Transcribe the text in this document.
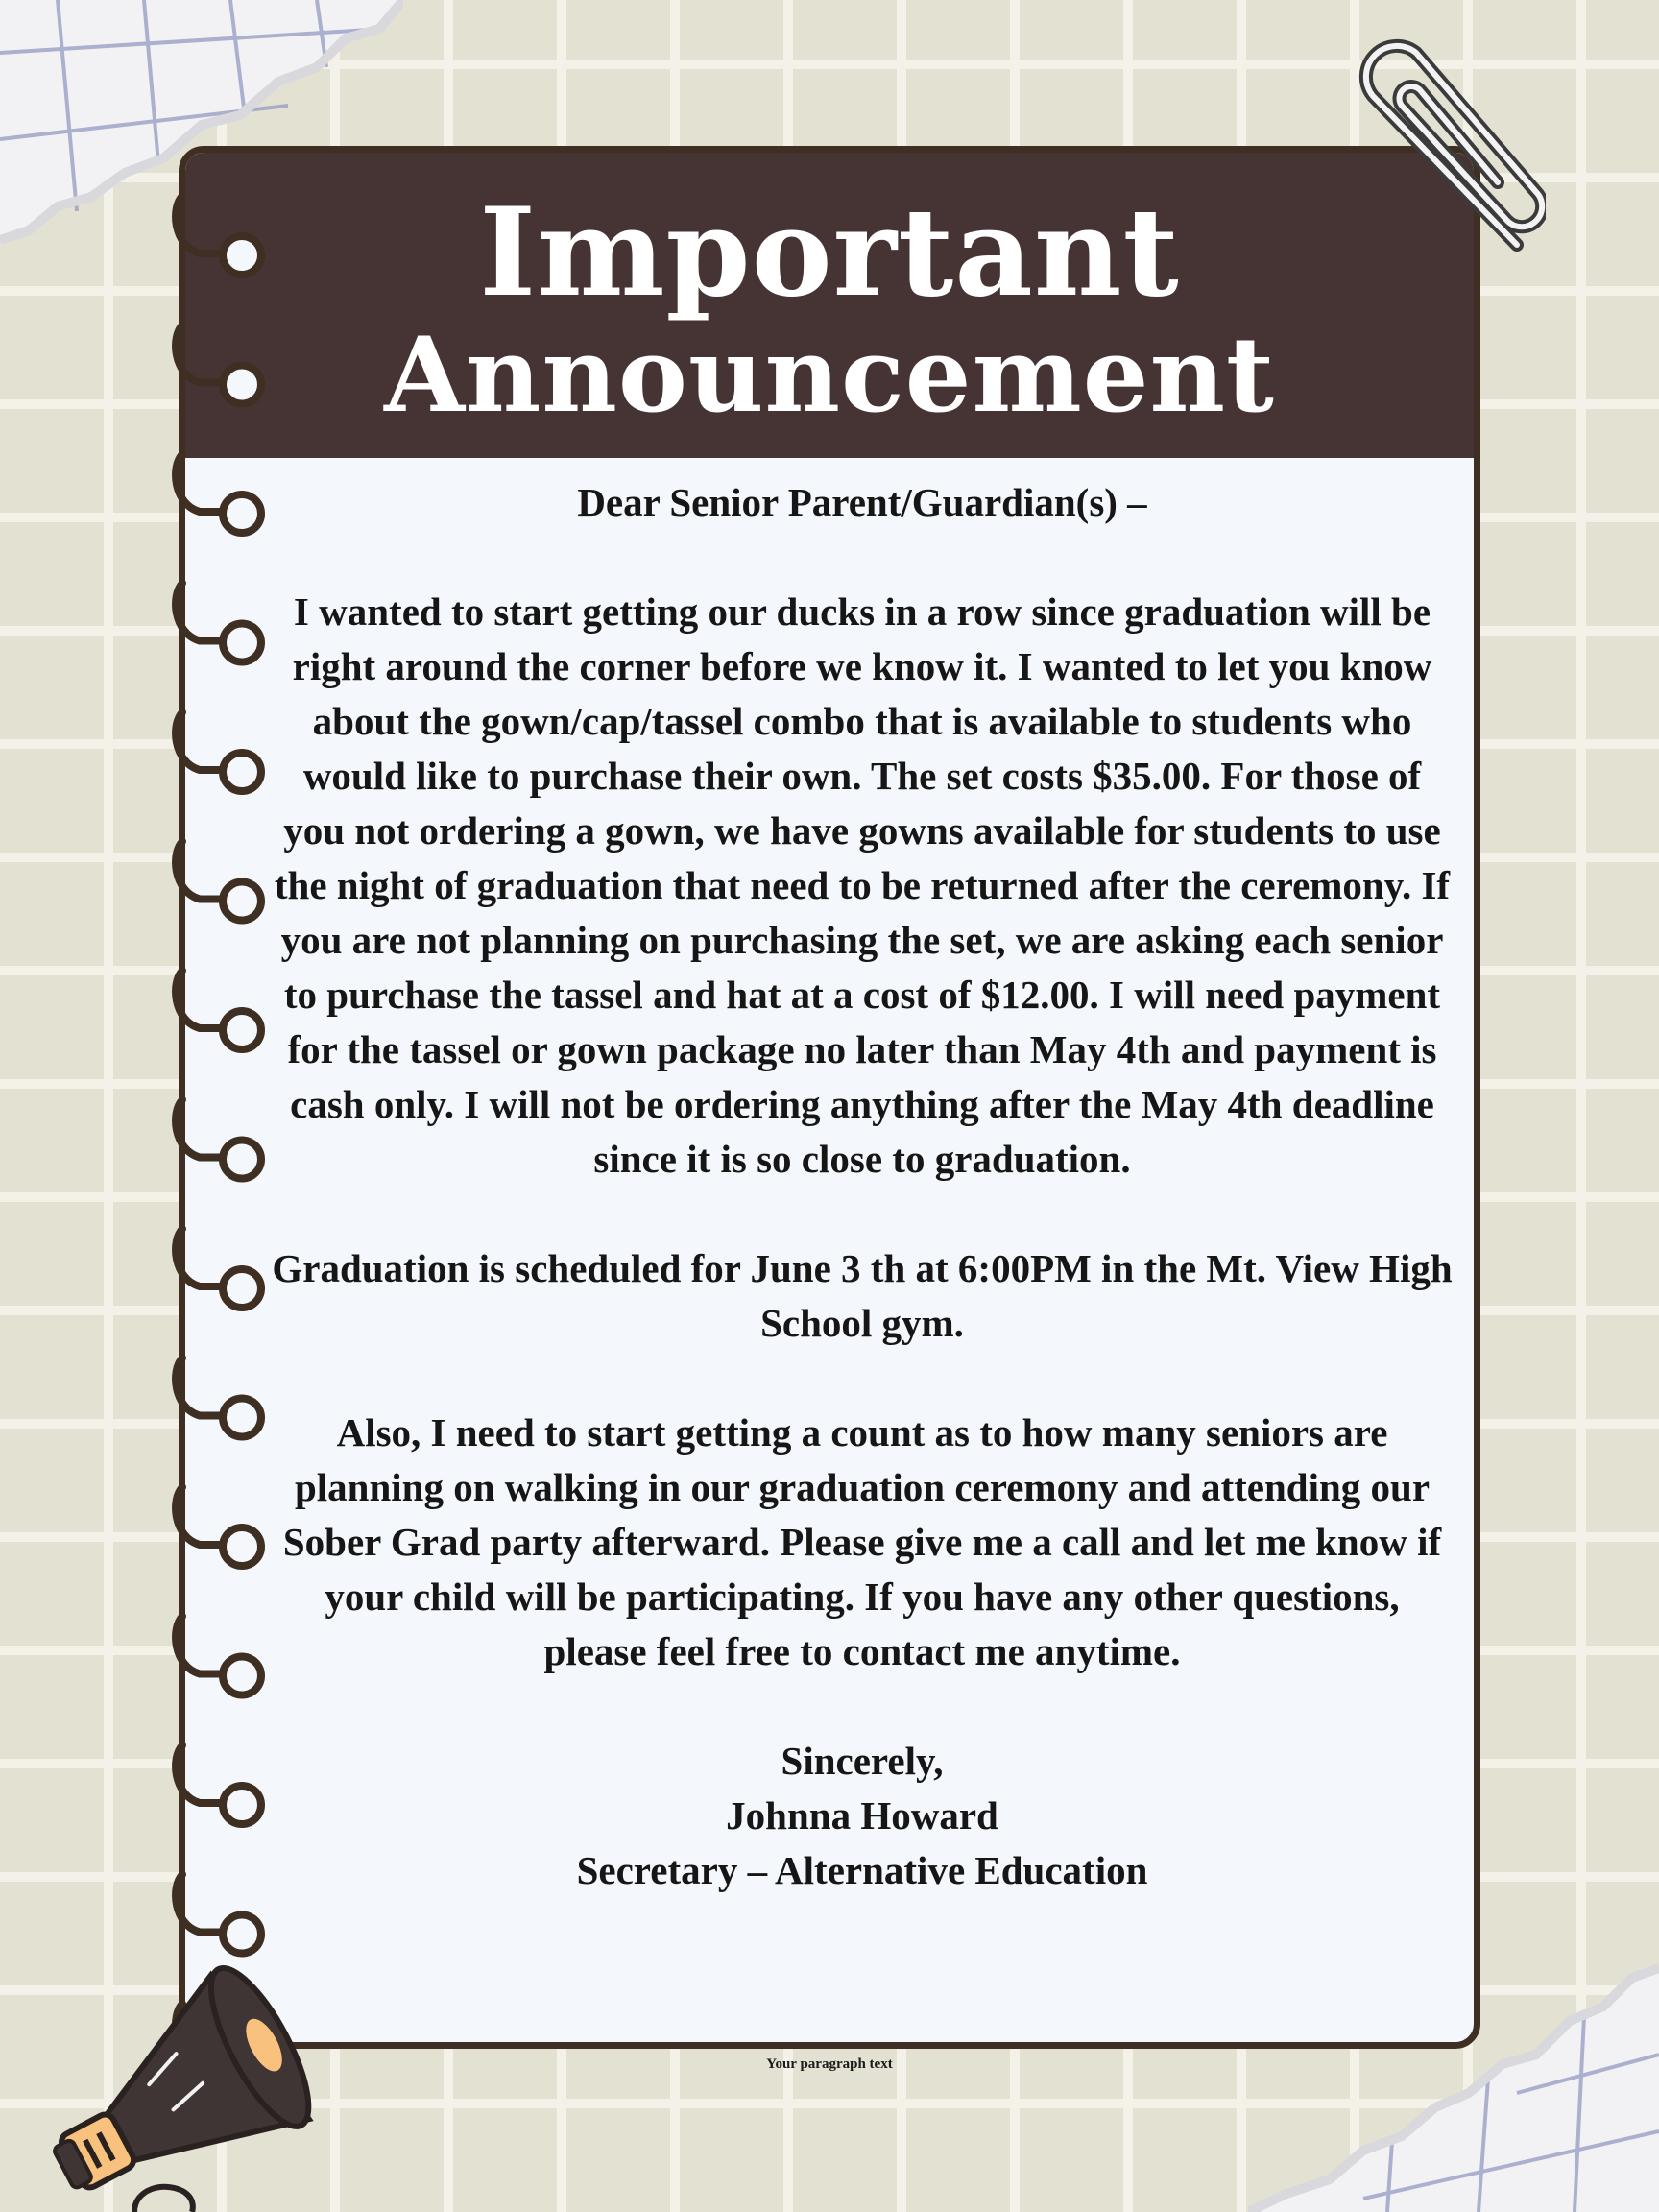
Important
Announcement

Dear Senior Parent/Guardian(s) –

I wanted to start getting our ducks in a row since graduation will be right around the corner before we know it. I wanted to let you know about the gown/cap/tassel combo that is available to students who would like to purchase their own. The set costs $35.00. For those of you not ordering a gown, we have gowns available for students to use the night of graduation that need to be returned after the ceremony. If you are not planning on purchasing the set, we are asking each senior to purchase the tassel and hat at a cost of $12.00. I will need payment for the tassel or gown package no later than May 4th and payment is cash only. I will not be ordering anything after the May 4th deadline since it is so close to graduation.

Graduation is scheduled for June 3 th at 6:00PM in the Mt. View High School gym.

Also, I need to start getting a count as to how many seniors are planning on walking in our graduation ceremony and attending our Sober Grad party afterward. Please give me a call and let me know if your child will be participating. If you have any other questions, please feel free to contact me anytime.

Sincerely,

Johnna Howard

Secretary – Alternative Education

Your paragraph text
